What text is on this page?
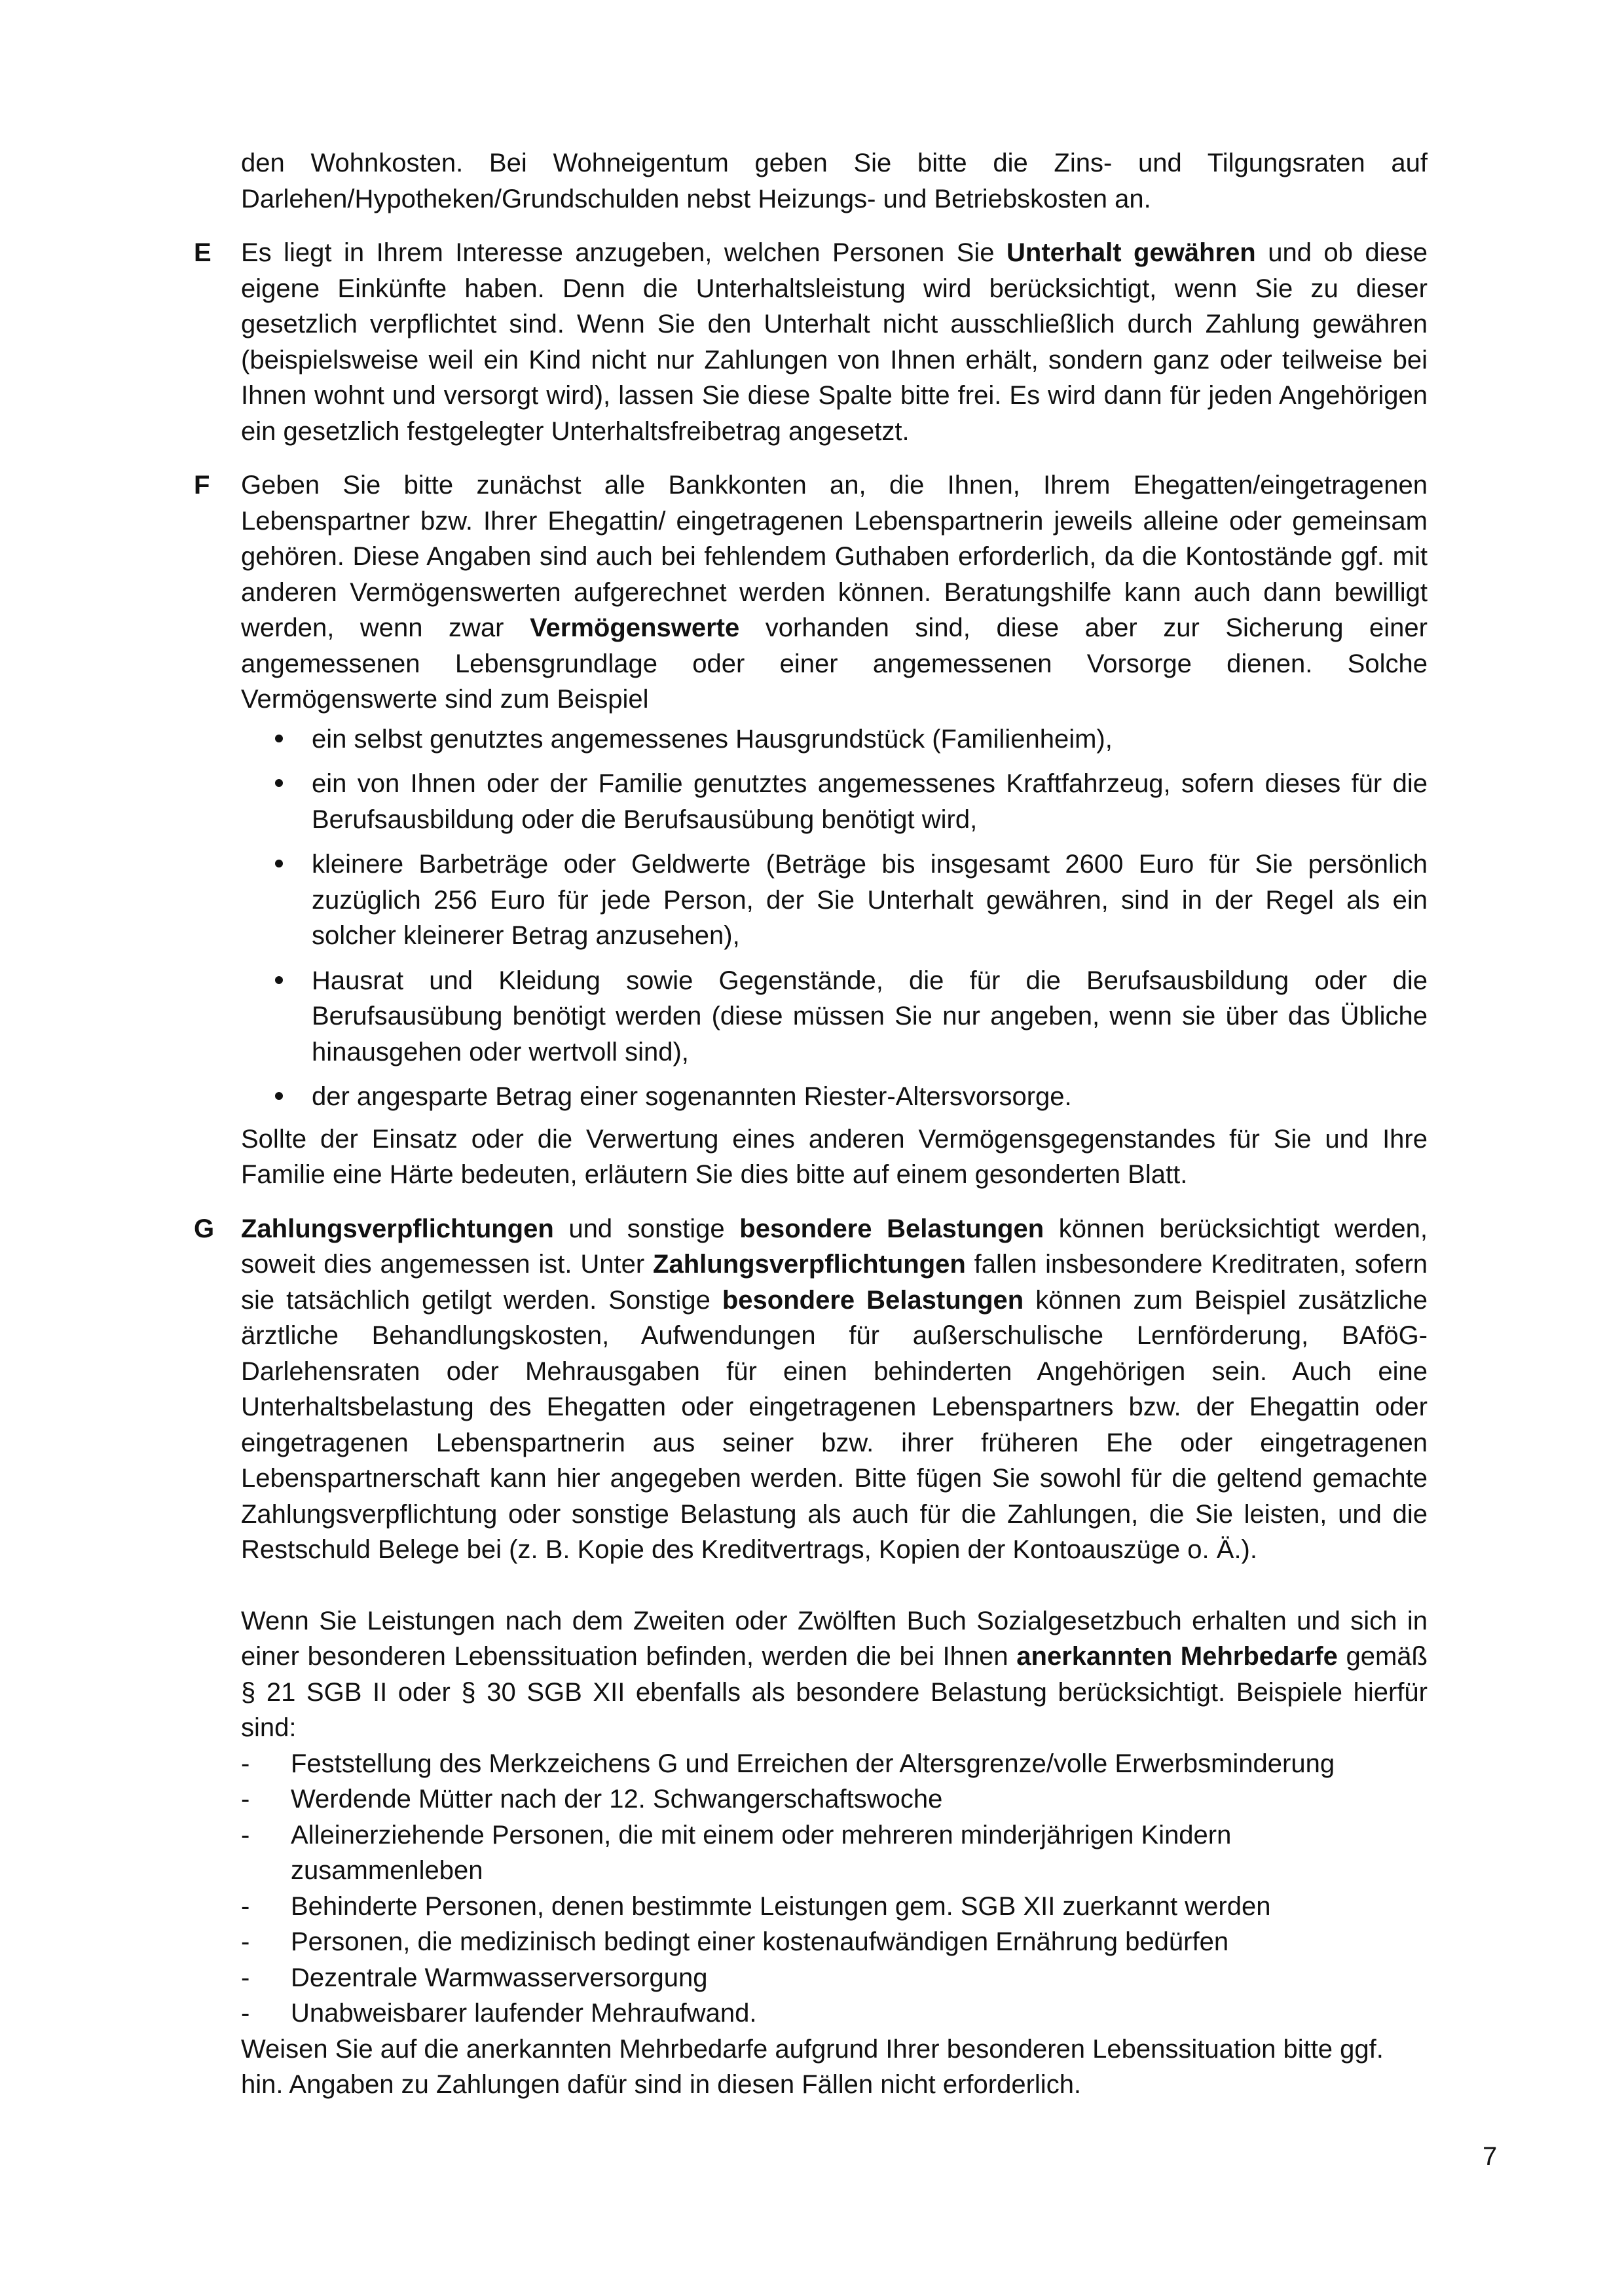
den Wohnkosten. Bei Wohneigentum geben Sie bitte die Zins- und Tilgungsraten auf Darlehen/Hypotheken/Grundschulden nebst Heizungs- und Betriebskosten an.

E	Es liegt in Ihrem Interesse anzugeben, welchen Personen Sie Unterhalt gewähren und ob diese eigene Einkünfte haben. Denn die Unterhaltsleistung wird berücksichtigt, wenn Sie zu dieser gesetzlich verpflichtet sind. Wenn Sie den Unterhalt nicht ausschließlich durch Zahlung gewähren (beispielsweise weil ein Kind nicht nur Zahlungen von Ihnen erhält, sondern ganz oder teilweise bei Ihnen wohnt und versorgt wird), lassen Sie diese Spalte bitte frei. Es wird dann für jeden Angehörigen ein gesetzlich festgelegter Unterhaltsfreibetrag angesetzt.

F	Geben Sie bitte zunächst alle Bankkonten an, die Ihnen, Ihrem Ehegatten/eingetragenen Lebenspartner bzw. Ihrer Ehegattin/ eingetragenen Lebenspartnerin jeweils alleine oder gemeinsam gehören. Diese Angaben sind auch bei fehlendem Guthaben erforderlich, da die Kontostände ggf. mit anderen Vermögenswerten aufgerechnet werden können. Beratungshilfe kann auch dann bewilligt werden, wenn zwar Vermögenswerte vorhanden sind, diese aber zur Sicherung einer angemessenen Lebensgrundlage oder einer angemessenen Vorsorge dienen. Solche Vermögenswerte sind zum Beispiel

ein selbst genutztes angemessenes Hausgrundstück (Familienheim),
ein von Ihnen oder der Familie genutztes angemessenes Kraftfahrzeug, sofern dieses für die Berufsausbildung oder die Berufsausübung benötigt wird,
kleinere Barbeträge oder Geldwerte (Beträge bis insgesamt 2600 Euro für Sie persönlich zuzüglich 256 Euro für jede Person, der Sie Unterhalt gewähren, sind in der Regel als ein solcher kleinerer Betrag anzusehen),
Hausrat und Kleidung sowie Gegenstände, die für die Berufsausbildung oder die Berufsausübung benötigt werden (diese müssen Sie nur angeben, wenn sie über das Übliche hinausgehen oder wertvoll sind),
der angesparte Betrag einer sogenannten Riester-Altersvorsorge.

Sollte der Einsatz oder die Verwertung eines anderen Vermögensgegenstandes für Sie und Ihre Familie eine Härte bedeuten, erläutern Sie dies bitte auf einem gesonderten Blatt.

G Zahlungsverpflichtungen und sonstige besondere Belastungen können berücksichtigt werden, soweit dies angemessen ist. Unter Zahlungsverpflichtungen fallen insbesondere Kreditraten, sofern sie tatsächlich getilgt werden. Sonstige besondere Belastungen können zum Beispiel zusätzliche ärztliche Behandlungskosten, Aufwendungen für außerschulische Lernförderung, BAföG-Darlehensraten oder Mehrausgaben für einen behinderten Angehörigen sein. Auch eine Unterhaltsbelastung des Ehegatten oder eingetragenen Lebenspartners bzw. der Ehegattin oder eingetragenen Lebenspartnerin aus seiner bzw. ihrer früheren Ehe oder eingetragenen Lebenspartnerschaft kann hier angegeben werden. Bitte fügen Sie sowohl für die geltend gemachte Zahlungsverpflichtung oder sonstige Belastung als auch für die Zahlungen, die Sie leisten, und die Restschuld Belege bei (z. B. Kopie des Kreditvertrags, Kopien der Kontoauszüge o. Ä.).

Wenn Sie Leistungen nach dem Zweiten oder Zwölften Buch Sozialgesetzbuch erhalten und sich in einer besonderen Lebenssituation befinden, werden die bei Ihnen anerkannten Mehrbedarfe gemäß § 21 SGB II oder § 30 SGB XII ebenfalls als besondere Belastung berücksichtigt. Beispiele hierfür sind:

- Feststellung des Merkzeichens G und Erreichen der Altersgrenze/volle Erwerbsminderung
- Werdende Mütter nach der 12. Schwangerschaftswoche
- Alleinerziehende Personen, die mit einem oder mehreren minderjährigen Kindern zusammenleben
- Behinderte Personen, denen bestimmte Leistungen gem. SGB XII zuerkannt werden
- Personen, die medizinisch bedingt einer kostenaufwändigen Ernährung bedürfen
- Dezentrale Warmwasserversorgung
- Unabweisbarer laufender Mehraufwand.

Weisen Sie auf die anerkannten Mehrbedarfe aufgrund Ihrer besonderen Lebenssituation bitte ggf. hin. Angaben zu Zahlungen dafür sind in diesen Fällen nicht erforderlich.

7
